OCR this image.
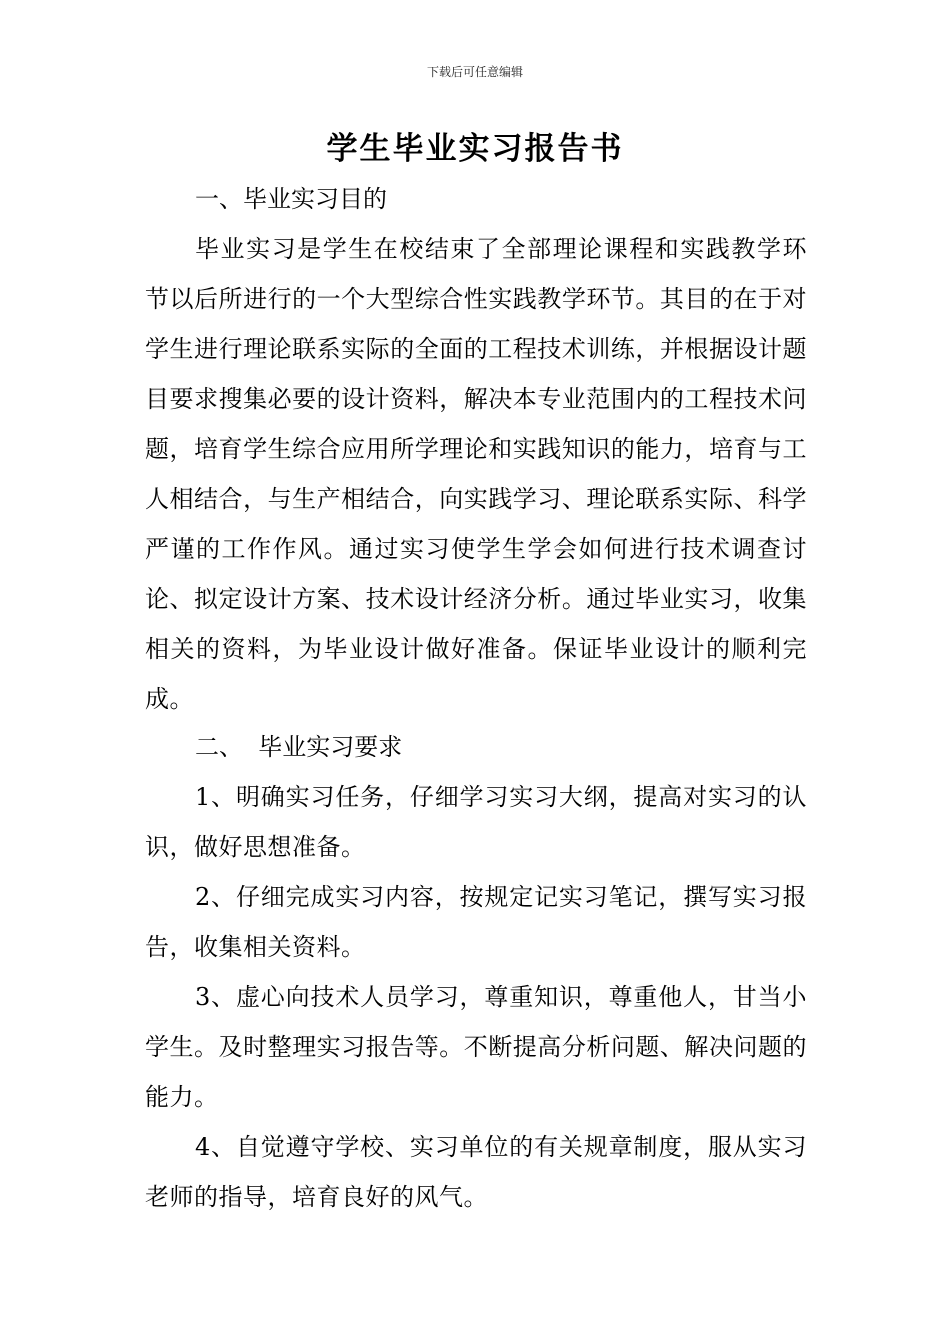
下载后可任意编辑
学生毕业实习报告书
一、毕业实习目的

毕业实习是学生在校结束了全部理论课程和实践教学环节以后所进行的一个大型综合性实践教学环节。其目的在于对学生进行理论联系实际的全面的工程技术训练，并根据设计题目要求搜集必要的设计资料，解决本专业范围内的工程技术问题，培育学生综合应用所学理论和实践知识的能力，培育与工人相结合，与生产相结合，向实践学习、理论联系实际、科学严谨的工作作风。通过实习使学生学会如何进行技术调查讨论、拟定设计方案、技术设计经济分析。通过毕业实习，收集相关的资料，为毕业设计做好准备。保证毕业设计的顺利完成。

二、  毕业实习要求

1、明确实习任务，仔细学习实习大纲，提高对实习的认识，做好思想准备。

2、仔细完成实习内容，按规定记实习笔记，撰写实习报告，收集相关资料。

3、虚心向技术人员学习，尊重知识，尊重他人，甘当小学生。及时整理实习报告等。不断提高分析问题、解决问题的能力。

4、自觉遵守学校、实习单位的有关规章制度，服从实习老师的指导，培育良好的风气。
